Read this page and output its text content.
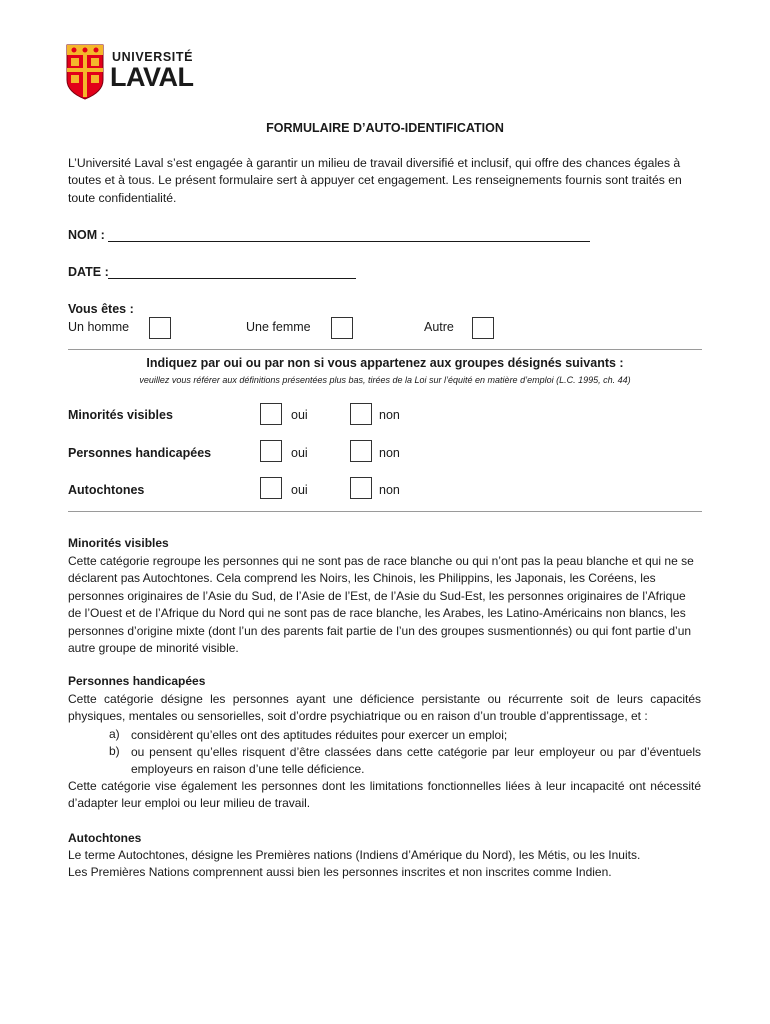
UNIVERSITÉ
LAVAL
FORMULAIRE D’AUTO-IDENTIFICATION
L’Université Laval s’est engagée à garantir un milieu de travail diversifié et inclusif, qui offre des chances égales à toutes et à tous. Le présent formulaire sert à appuyer cet engagement. Les renseignements fournis sont traités en toute confidentialité.
NOM :
DATE :
Vous êtes :
Un homme	Une femme	Autre
Indiquez par oui ou par non si vous appartenez aux groupes désignés suivants :
veuillez vous référer aux définitions présentées plus bas, tirées de la Loi sur l’équité en matière d’emploi (L.C. 1995, ch. 44)
Minorités visibles	oui	non
Personnes handicapées	oui	non
Autochtones	oui	non
Minorités visibles
Cette catégorie regroupe les personnes qui ne sont pas de race blanche ou qui n’ont pas la peau blanche et qui ne se déclarent pas Autochtones. Cela comprend les Noirs, les Chinois, les Philippins, les Japonais, les Coréens, les personnes originaires de l’Asie du Sud, de l’Asie de l’Est, de l’Asie du Sud-Est, les personnes originaires de l’Afrique de l’Ouest et de l’Afrique du Nord qui ne sont pas de race blanche, les Arabes, les Latino-Américains non blancs, les personnes d’origine mixte (dont l’un des parents fait partie de l’un des groupes susmentionnés) ou qui font partie d’un autre groupe de minorité visible.
Personnes handicapées
Cette catégorie désigne les personnes ayant une déficience persistante ou récurrente soit de leurs capacités physiques, mentales ou sensorielles, soit d’ordre psychiatrique ou en raison d’un trouble d’apprentissage, et :
a) considèrent qu’elles ont des aptitudes réduites pour exercer un emploi;
b) ou pensent qu’elles risquent d’être classées dans cette catégorie par leur employeur ou par d’éventuels employeurs en raison d’une telle déficience.
Cette catégorie vise également les personnes dont les limitations fonctionnelles liées à leur incapacité ont nécessité d’adapter leur emploi ou leur milieu de travail.
Autochtones
Le terme Autochtones, désigne les Premières nations (Indiens d’Amérique du Nord), les Métis, ou les Inuits.
Les Premières Nations comprennent aussi bien les personnes inscrites et non inscrites comme Indien.
